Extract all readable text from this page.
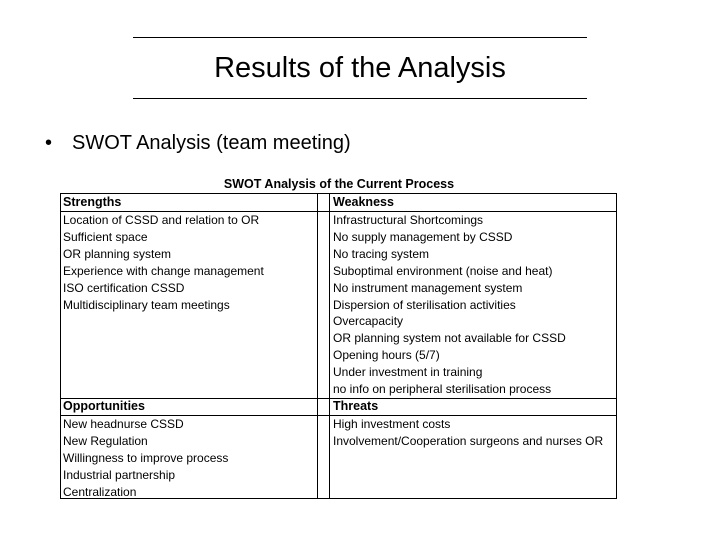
Results of the Analysis
• SWOT Analysis (team meeting)
SWOT Analysis of the Current Process
Strengths	Weakness
Location of CSSD and relation to OR
Sufficient space
OR planning system
Experience with change management
ISO certification CSSD
Multidisciplinary team meetings
Infrastructural Shortcomings
No supply management by CSSD
No tracing system
Suboptimal environment (noise and heat)
No instrument management system
Dispersion of sterilisation activities
Overcapacity
OR planning system not available for CSSD
Opening hours (5/7)
Under investment in training
no info on peripheral sterilisation process
Opportunities	Threats
New headnurse CSSD
New Regulation
Willingness to improve process
Industrial partnership
Centralization
High investment costs
Involvement/Cooperation surgeons and nurses OR
